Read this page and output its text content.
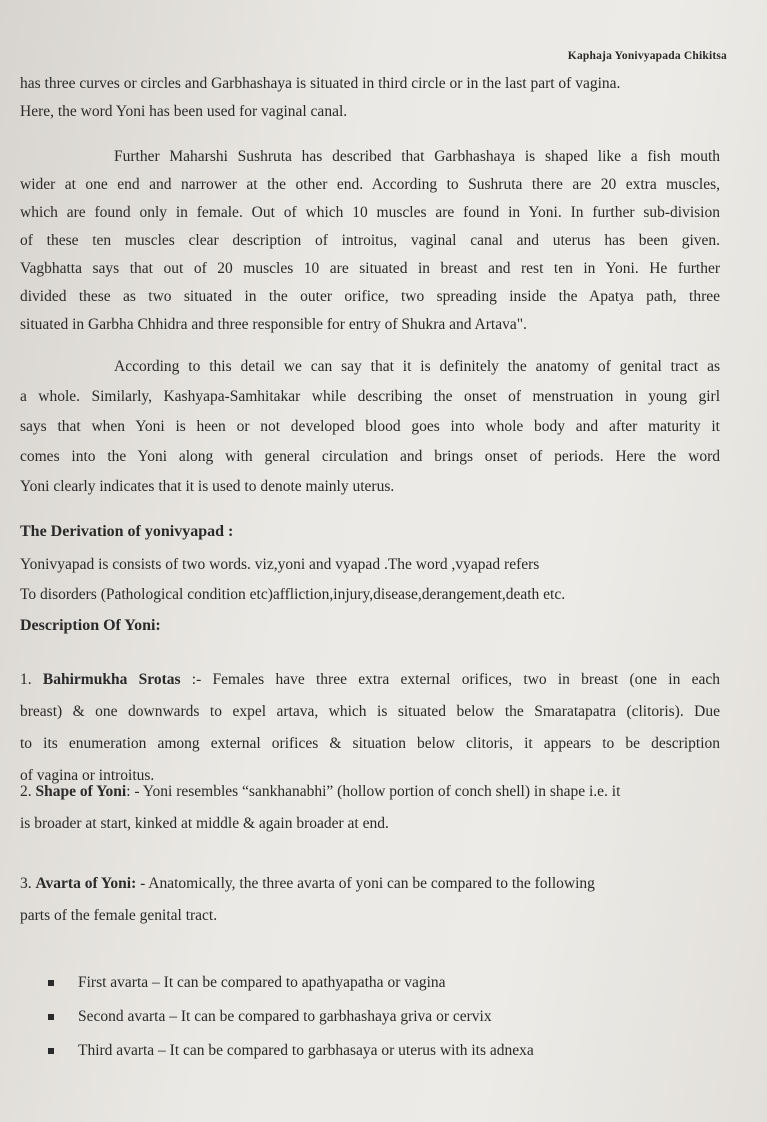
Kaphaja Yonivyapada Chikitsa

has three curves or circles and Garbhashaya is situated in third circle or in the last part of vagina.
Here, the word Yoni has been used for vaginal canal.

Further Maharshi Sushruta has described that Garbhashaya is shaped like a fish mouth
wider at one end and narrower at the other end. According to Sushruta there are 20 extra muscles,
which are found only in female. Out of which 10 muscles are found in Yoni. In further sub-division
of these ten muscles clear description of introitus, vaginal canal and uterus has been given.
Vagbhatta says that out of 20 muscles 10 are situated in breast and rest ten in Yoni. He further
divided these as two situated in the outer orifice, two spreading inside the Apatya path, three
situated in Garbha Chhidra and three responsible for entry of Shukra and Artava".

According to this detail we can say that it is definitely the anatomy of genital tract as
a whole. Similarly, Kashyapa-Samhitakar while describing the onset of menstruation in young girl
says that when Yoni is heen or not developed blood goes into whole body and after maturity it
comes into the Yoni along with general circulation and brings onset of periods. Here the word
Yoni clearly indicates that it is used to denote mainly uterus.

The Derivation of yonivyapad :

Yonivyapad is consists of two words. viz,yoni and vyapad .The word ,vyapad refers
To disorders (Pathological condition etc)affliction,injury,disease,derangement,death etc.

Description Of Yoni:

1. Bahirmukha Srotas :- Females have three extra external orifices, two in breast (one in each
breast) & one downwards to expel artava, which is situated below the Smaratapatra (clitoris). Due
to its enumeration among external orifices & situation below clitoris, it appears to be description
of vagina or introitus.

2. Shape of Yoni: - Yoni resembles “sankhanabhi” (hollow portion of conch shell) in shape i.e. it
is broader at start, kinked at middle & again broader at end.

3. Avarta of Yoni: - Anatomically, the three avarta of yoni can be compared to the following
parts of the female genital tract.

First avarta – It can be compared to apathyapatha or vagina
Second avarta – It can be compared to garbhashaya griva or cervix
Third avarta – It can be compared to garbhasaya or uterus with its adnexa
